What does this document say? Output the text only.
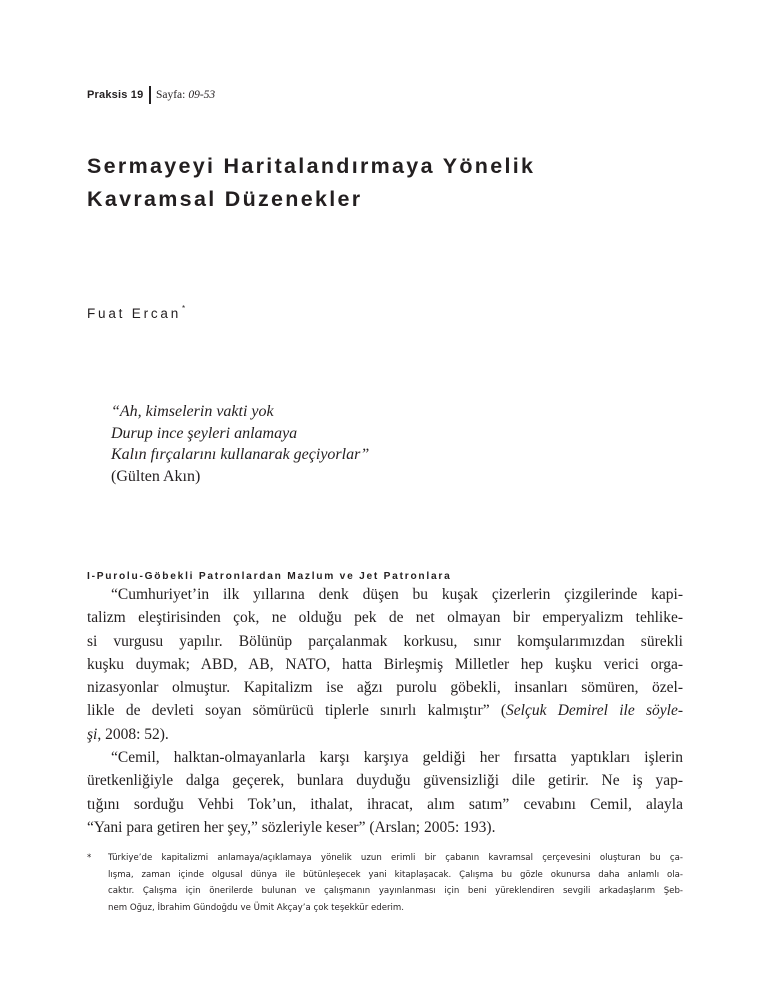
Praksis 19 Sayfa: 09-53
Sermayeyi Haritalandırmaya Yönelik
Kavramsal Düzenekler
Fuat Ercan*
“Ah, kimselerin vakti yok
Durup ince şeyleri anlamaya
Kalın fırçalarını kullanarak geçiyorlar”
(Gülten Akın)
I-Purolu-Göbekli Patronlardan Mazlum ve Jet Patronlara
“Cumhuriyet’in ilk yıllarına denk düşen bu kuşak çizerlerin çizgilerinde kapi-
talizm eleştirisinden çok, ne olduğu pek de net olmayan bir emperyalizm tehlike-
si vurgusu yapılır. Bölünüp parçalanmak korkusu, sınır komşularımızdan sürekli
kuşku duymak; ABD, AB, NATO, hatta Birleşmiş Milletler hep kuşku verici orga-
nizasyonlar olmuştur. Kapitalizm ise ağzı purolu göbekli, insanları sömüren, özel-
likle de devleti soyan sömürücü tiplerle sınırlı kalmıştır” (Selçuk Demirel ile söyle-
şi, 2008: 52).
“Cemil, halktan-olmayanlarla karşı karşıya geldiği her fırsatta yaptıkları işlerin
üretkenliğiyle dalga geçerek, bunlara duyduğu güvensizliği dile getirir. Ne iş yap-
tığını sorduğu Vehbi Tok’un, ithalat, ihracat, alım satım” cevabını Cemil, alayla
“Yani para getiren her şey,” sözleriyle keser” (Arslan; 2005: 193).
* Türkiye’de kapitalizmi anlamaya/açıklamaya yönelik uzun erimli bir çabanın kavramsal çerçevesini oluşturan bu ça-
lışma, zaman içinde olgusal dünya ile bütünleşecek yani kitaplaşacak. Çalışma bu gözle okunursa daha anlamlı ola-
caktır. Çalışma için önerilerde bulunan ve çalışmanın yayınlanması için beni yüreklendiren sevgili arkadaşlarım Şeb-
nem Oğuz, İbrahim Gündoğdu ve Ümit Akçay’a çok teşekkür ederim.
